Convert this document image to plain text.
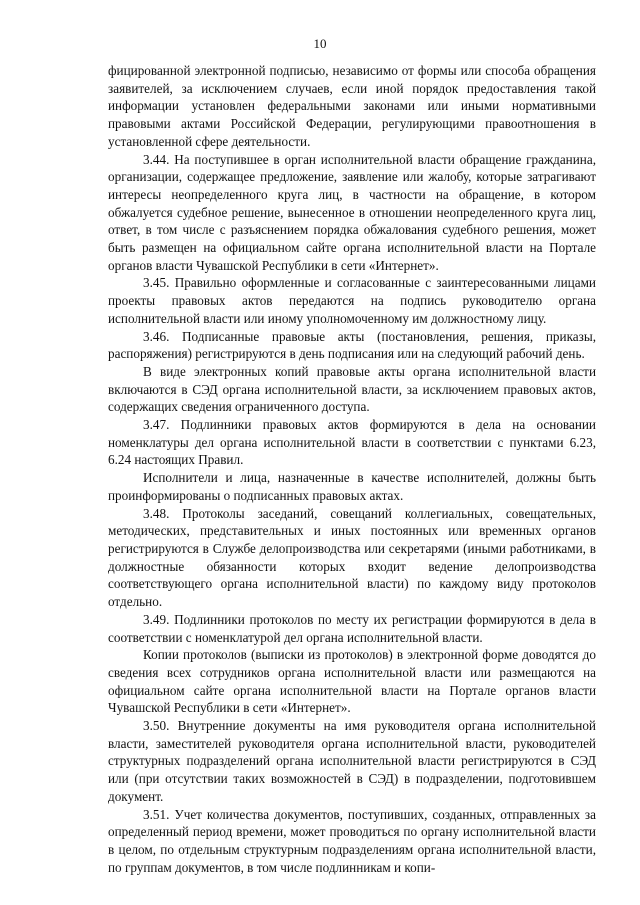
10

фицированной электронной подписью, независимо от формы или способа обращения заявителей, за исключением случаев, если иной порядок предоставления такой информации установлен федеральными законами или иными нормативными правовыми актами Российской Федерации, регулирующими правоотношения в установленной сфере деятельности.

3.44. На поступившее в орган исполнительной власти обращение гражданина, организации, содержащее предложение, заявление или жалобу, которые затрагивают интересы неопределенного круга лиц, в частности на обращение, в котором обжалуется судебное решение, вынесенное в отношении неопределенного круга лиц, ответ, в том числе с разъяснением порядка обжалования судебного решения, может быть размещен на официальном сайте органа исполнительной власти на Портале органов власти Чувашской Республики в сети «Интернет».

3.45. Правильно оформленные и согласованные с заинтересованными лицами проекты правовых актов передаются на подпись руководителю органа исполнительной власти или иному уполномоченному им должностному лицу.

3.46. Подписанные правовые акты (постановления, решения, приказы, распоряжения) регистрируются в день подписания или на следующий рабочий день.

В виде электронных копий правовые акты органа исполнительной власти включаются в СЭД органа исполнительной власти, за исключением правовых актов, содержащих сведения ограниченного доступа.

3.47. Подлинники правовых актов формируются в дела на основании номенклатуры дел органа исполнительной власти в соответствии с пунктами 6.23, 6.24 настоящих Правил.

Исполнители и лица, назначенные в качестве исполнителей, должны быть проинформированы о подписанных правовых актах.

3.48. Протоколы заседаний, совещаний коллегиальных, совещательных, методических, представительных и иных постоянных или временных органов регистрируются в Службе делопроизводства или секретарями (иными работниками, в должностные обязанности которых входит ведение делопроизводства соответствующего органа исполнительной власти) по каждому виду протоколов отдельно.

3.49. Подлинники протоколов по месту их регистрации формируются в дела в соответствии с номенклатурой дел органа исполнительной власти.

Копии протоколов (выписки из протоколов) в электронной форме доводятся до сведения всех сотрудников органа исполнительной власти или размещаются на официальном сайте органа исполнительной власти на Портале органов власти Чувашской Республики в сети «Интернет».

3.50. Внутренние документы на имя руководителя органа исполнительной власти, заместителей руководителя органа исполнительной власти, руководителей структурных подразделений органа исполнительной власти регистрируются в СЭД или (при отсутствии таких возможностей в СЭД) в подразделении, подготовившем документ.

3.51. Учет количества документов, поступивших, созданных, отправленных за определенный период времени, может проводиться по органу исполнительной власти в целом, по отдельным структурным подразделениям органа исполнительной власти, по группам документов, в том числе подлинникам и копи-
